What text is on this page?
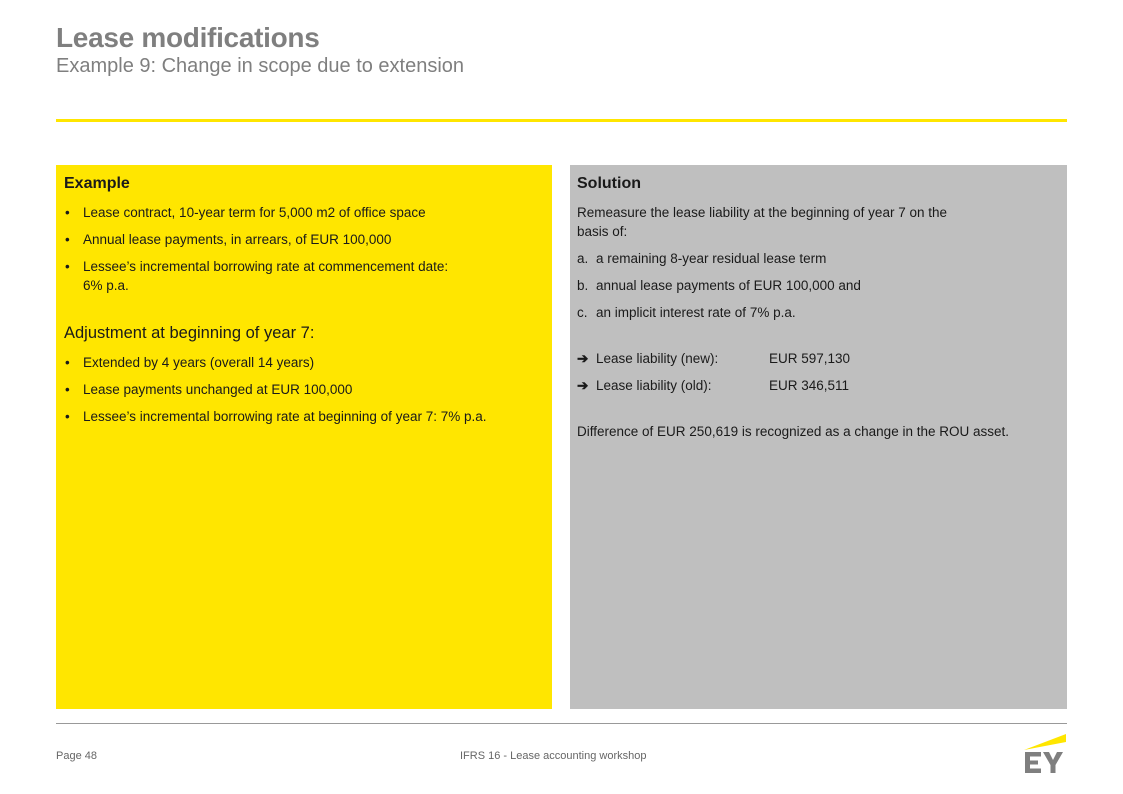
Lease modifications
Example 9: Change in scope due to extension
Example
• Lease contract, 10-year term for 5,000 m2 of office space
• Annual lease payments, in arrears, of EUR 100,000
• Lessee’s incremental borrowing rate at commencement date: 6% p.a.
Adjustment at beginning of year 7:
• Extended by 4 years (overall 14 years)
• Lease payments unchanged at EUR 100,000
• Lessee’s incremental borrowing rate at beginning of year 7: 7% p.a.
Solution
Remeasure the lease liability at the beginning of year 7 on the basis of:
a. a remaining 8-year residual lease term
b. annual lease payments of EUR 100,000 and
c. an implicit interest rate of 7% p.a.
➔ Lease liability (new):	EUR 597,130
➔ Lease liability (old):	EUR 346,511
Difference of EUR 250,619 is recognized as a change in the ROU asset.
Page 48	IFRS 16 - Lease accounting workshop
